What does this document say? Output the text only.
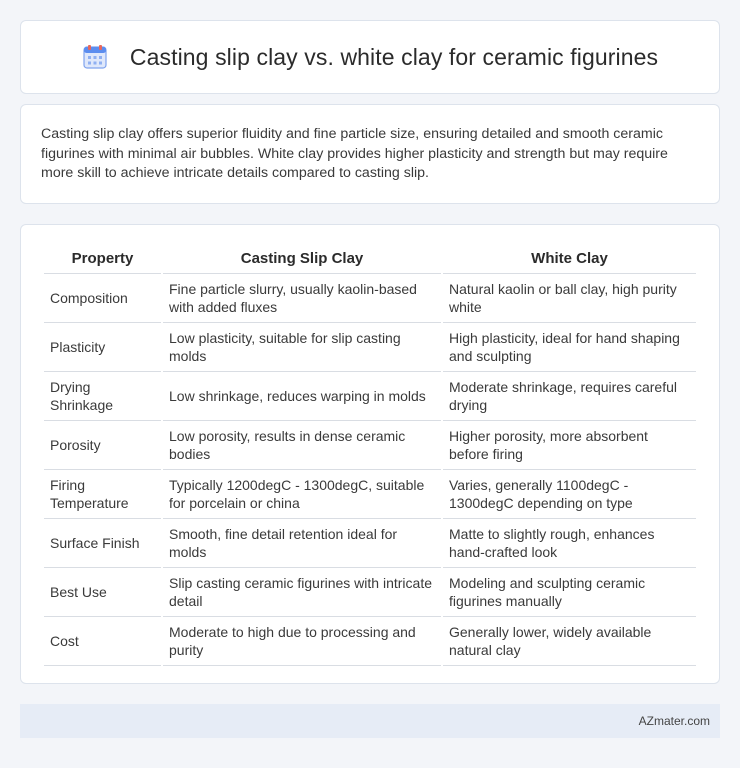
Casting slip clay vs. white clay for ceramic figurines

Casting slip clay offers superior fluidity and fine particle size, ensuring detailed and smooth ceramic figurines with minimal air bubbles. White clay provides higher plasticity and strength but may require more skill to achieve intricate details compared to casting slip.

Property	Casting Slip Clay	White Clay
Composition	Fine particle slurry, usually kaolin-based with added fluxes	Natural kaolin or ball clay, high purity white
Plasticity	Low plasticity, suitable for slip casting molds	High plasticity, ideal for hand shaping and sculpting
Drying Shrinkage	Low shrinkage, reduces warping in molds	Moderate shrinkage, requires careful drying
Porosity	Low porosity, results in dense ceramic bodies	Higher porosity, more absorbent before firing
Firing Temperature	Typically 1200degC - 1300degC, suitable for porcelain or china	Varies, generally 1100degC - 1300degC depending on type
Surface Finish	Smooth, fine detail retention ideal for molds	Matte to slightly rough, enhances hand-crafted look
Best Use	Slip casting ceramic figurines with intricate detail	Modeling and sculpting ceramic figurines manually
Cost	Moderate to high due to processing and purity	Generally lower, widely available natural clay
AZmater.com
